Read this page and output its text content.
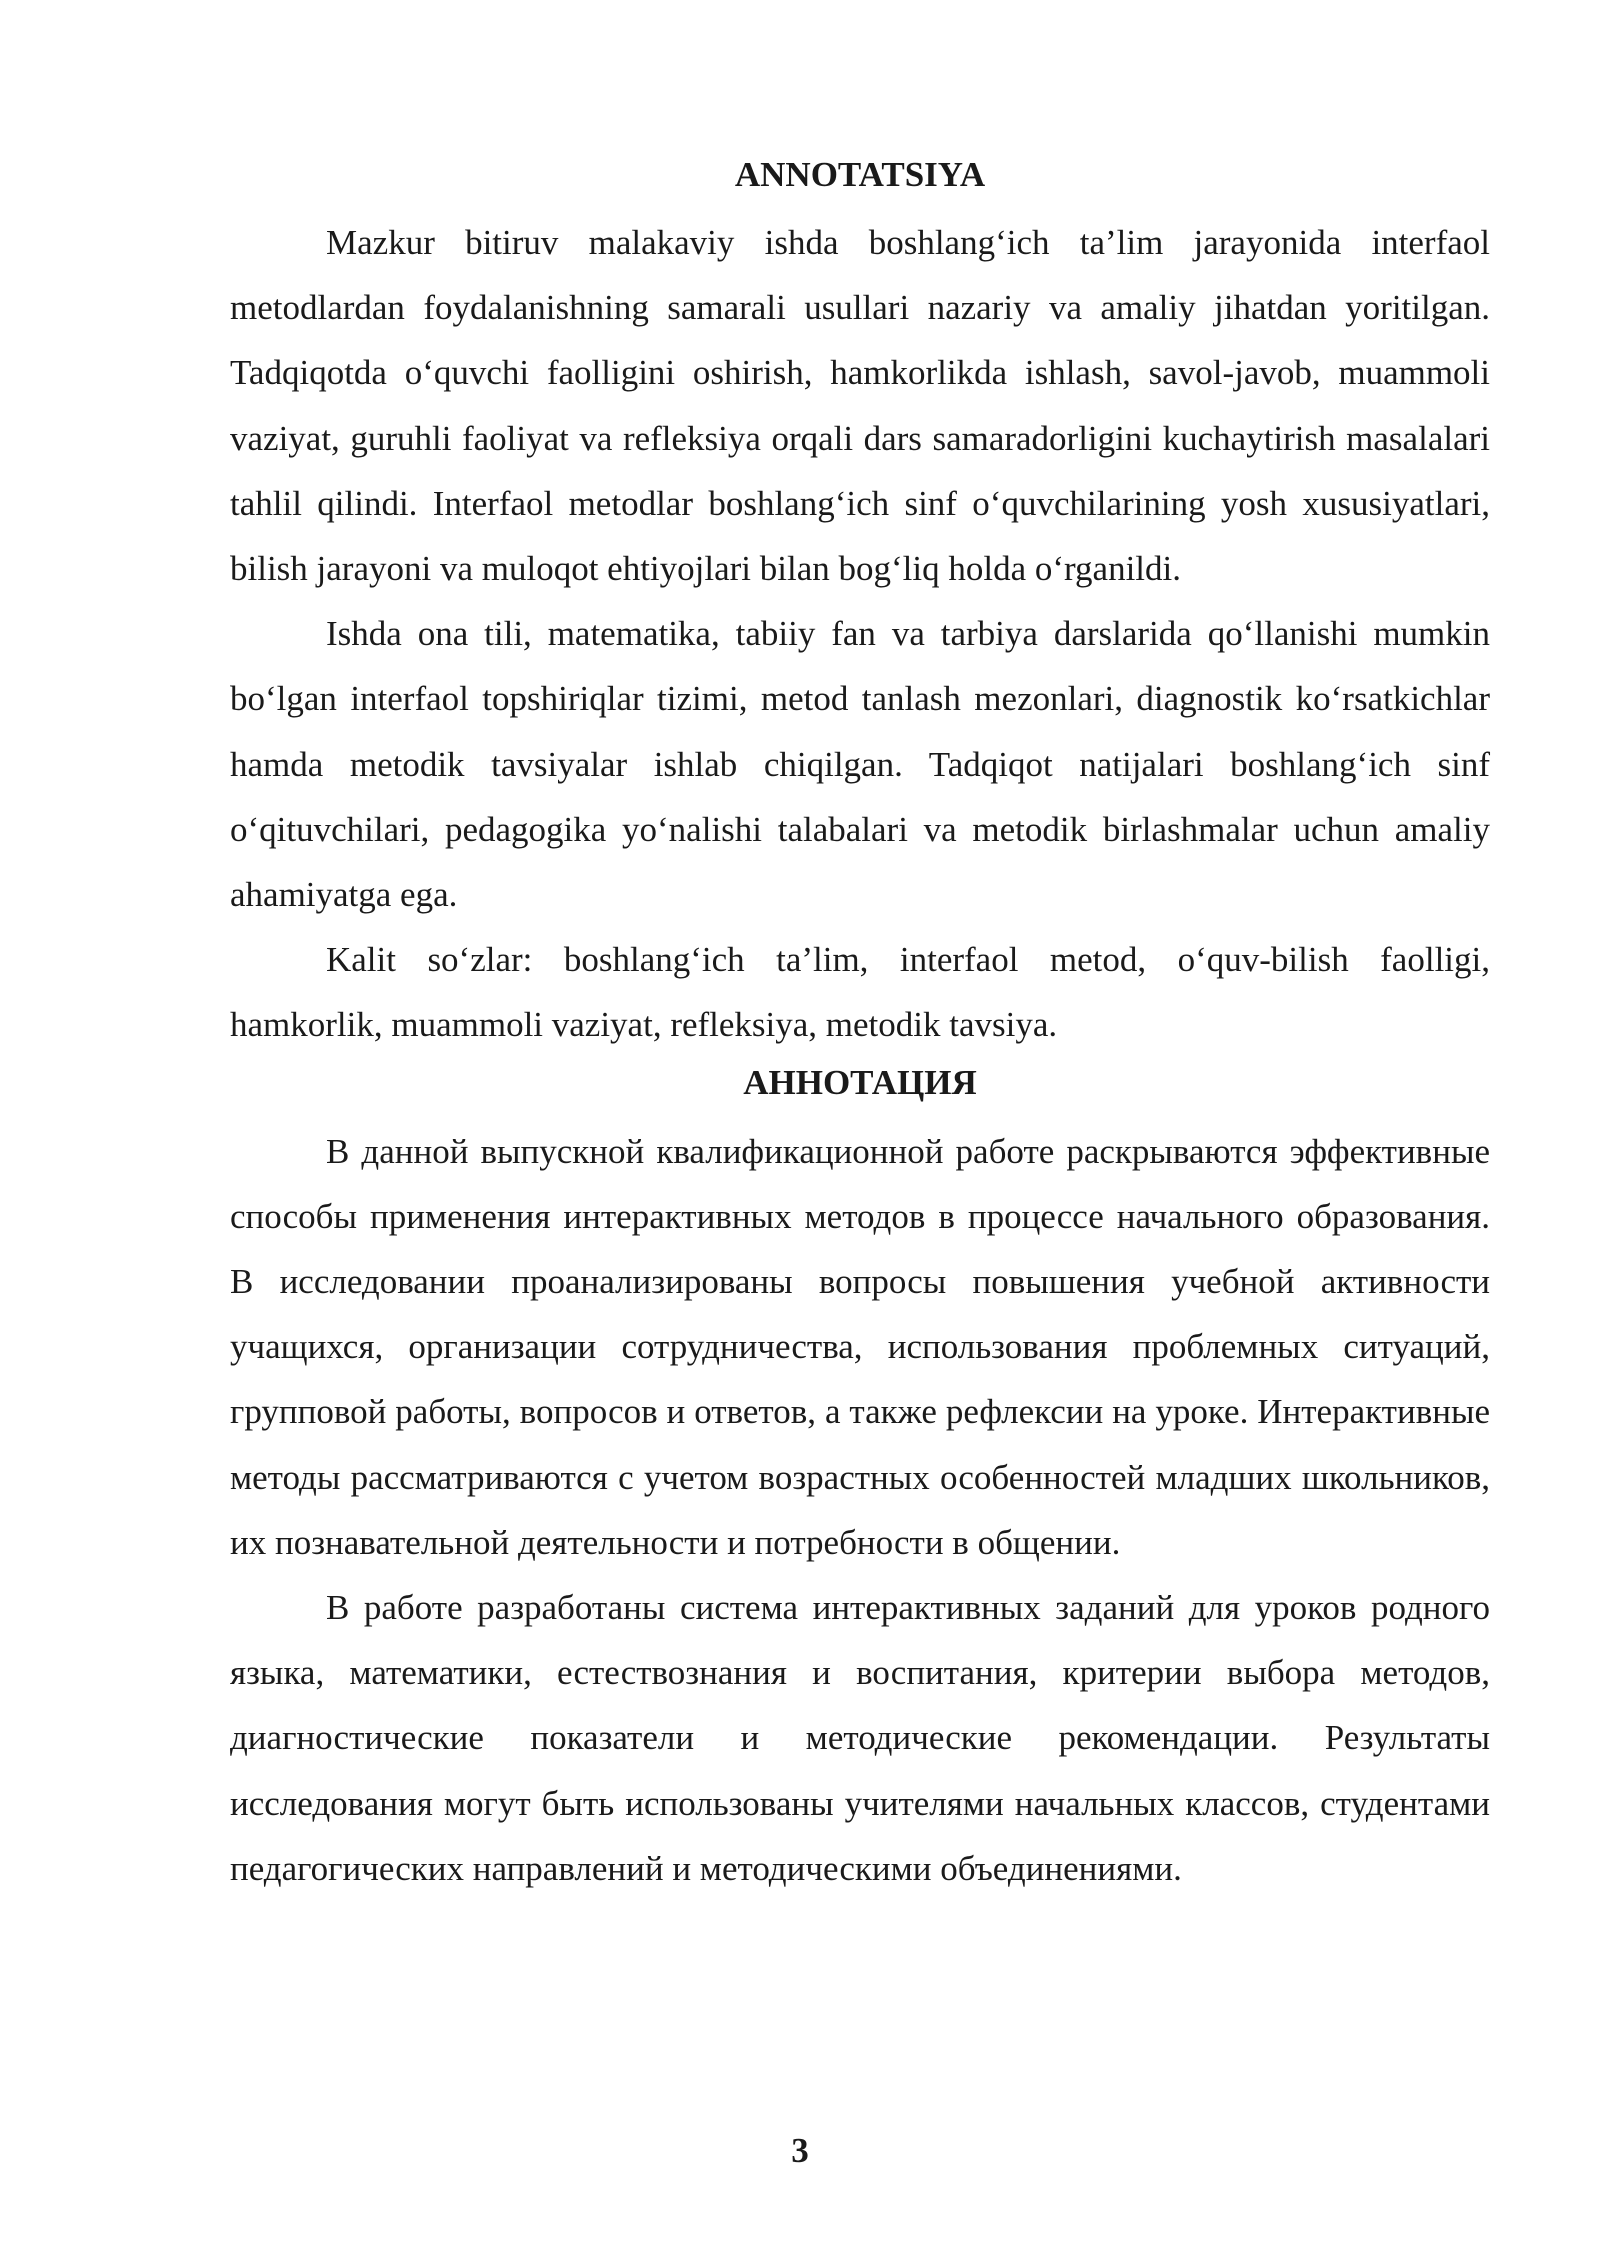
ANNOTATSIYA

Mazkur bitiruv malakaviy ishda boshlang‘ich ta’lim jarayonida interfaol metodlardan foydalanishning samarali usullari nazariy va amaliy jihatdan yoritilgan. Tadqiqotda o‘quvchi faolligini oshirish, hamkorlikda ishlash, savol-javob, muammoli vaziyat, guruhli faoliyat va refleksiya orqali dars samaradorligini kuchaytirish masalalari tahlil qilindi. Interfaol metodlar boshlang‘ich sinf o‘quvchilarining yosh xususiyatlari, bilish jarayoni va muloqot ehtiyojlari bilan bog‘liq holda o‘rganildi.

Ishda ona tili, matematika, tabiiy fan va tarbiya darslarida qo‘llanishi mumkin bo‘lgan interfaol topshiriqlar tizimi, metod tanlash mezonlari, diagnostik ko‘rsatkichlar hamda metodik tavsiyalar ishlab chiqilgan. Tadqiqot natijalari boshlang‘ich sinf o‘qituvchilari, pedagogika yo‘nalishi talabalari va metodik birlashmalar uchun amaliy ahamiyatga ega.

Kalit so‘zlar: boshlang‘ich ta’lim, interfaol metod, o‘quv-bilish faolligi, hamkorlik, muammoli vaziyat, refleksiya, metodik tavsiya.

АННОТАЦИЯ

В данной выпускной квалификационной работе раскрываются эффективные способы применения интерактивных методов в процессе начального образования. В исследовании проанализированы вопросы повышения учебной активности учащихся, организации сотрудничества, использования проблемных ситуаций, групповой работы, вопросов и ответов, а также рефлексии на уроке. Интерактивные методы рассматриваются с учетом возрастных особенностей младших школьников, их познавательной деятельности и потребности в общении.

В работе разработаны система интерактивных заданий для уроков родного языка, математики, естествознания и воспитания, критерии выбора методов, диагностические показатели и методические рекомендации. Результаты исследования могут быть использованы учителями начальных классов, студентами педагогических направлений и методическими объединениями.

3
